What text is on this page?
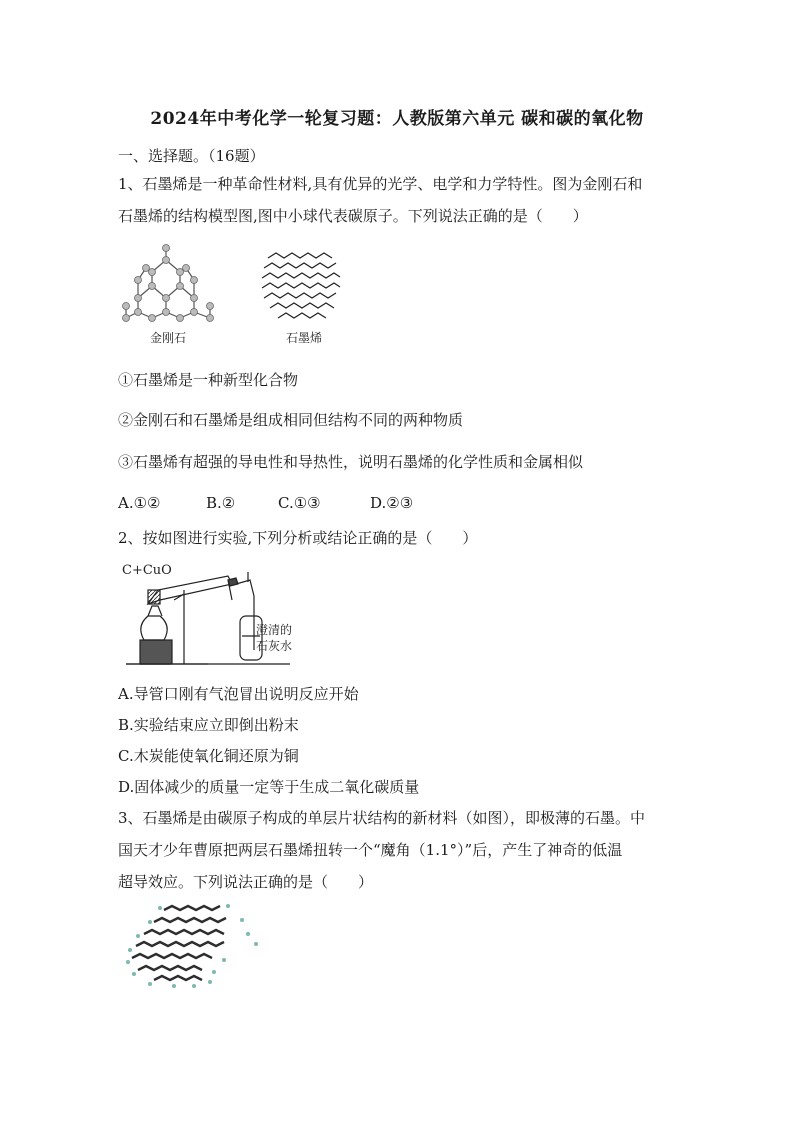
2024年中考化学一轮复习题：人教版第六单元 碳和碳的氧化物
一、选择题。（16题）
1、石墨烯是一种革命性材料,具有优异的光学、电学和力学特性。图为金刚石和
石墨烯的结构模型图,图中小球代表碳原子。下列说法正确的是（　　）
金刚石	石墨烯
①石墨烯是一种新型化合物
②金刚石和石墨烯是组成相同但结构不同的两种物质
③石墨烯有超强的导电性和导热性，说明石墨烯的化学性质和金属相似
A.①②	B.②	C.①③	D.②③
2、按如图进行实验,下列分析或结论正确的是（　　）
C+CuO
澄清的
石灰水
A.导管口刚有气泡冒出说明反应开始
B.实验结束应立即倒出粉末
C.木炭能使氧化铜还原为铜
D.固体减少的质量一定等于生成二氧化碳质量
3、石墨烯是由碳原子构成的单层片状结构的新材料（如图），即极薄的石墨。中
国天才少年曹原把两层石墨烯扭转一个“魔角（1.1°）”后，产生了神奇的低温
超导效应。下列说法正确的是（　　）
